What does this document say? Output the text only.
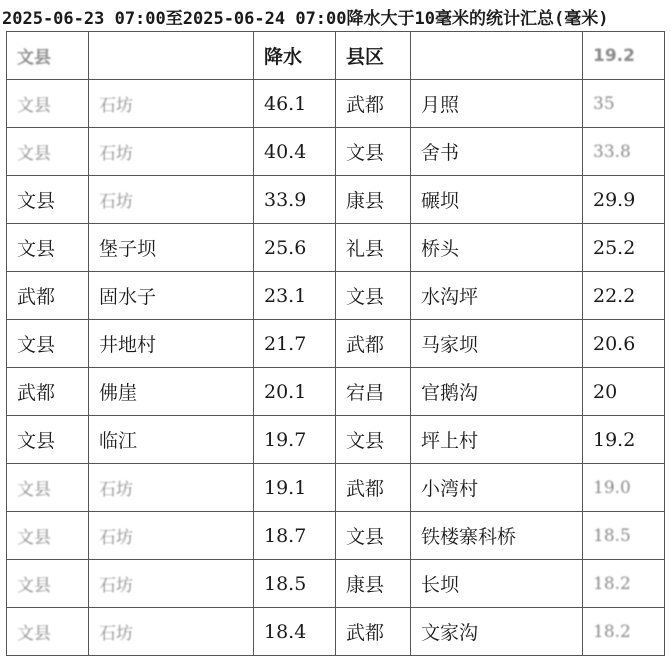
2025-06-23 07:00至2025-06-24 07:00降水大于10毫米的统计汇总(毫米)
文县		降水	县区		19.2
文县	石坊	46.1	武都	月照	35
文县	石坊	40.4	文县	舍书	33.8
文县	石坊	33.9	康县	碾坝	29.9
文县	堡子坝	25.6	礼县	桥头	25.2
武都	固水子	23.1	文县	水沟坪	22.2
文县	井地村	21.7	武都	马家坝	20.6
武都	佛崖	20.1	宕昌	官鹅沟	20
文县	临江	19.7	文县	坪上村	19.2
文县	石坊	19.1	武都	小湾村	19.0
文县	石坊	18.7	文县	铁楼寨科桥	18.5
文县	石坊	18.5	康县	长坝	18.2
文县	石坊	18.4	武都	文家沟	18.2
